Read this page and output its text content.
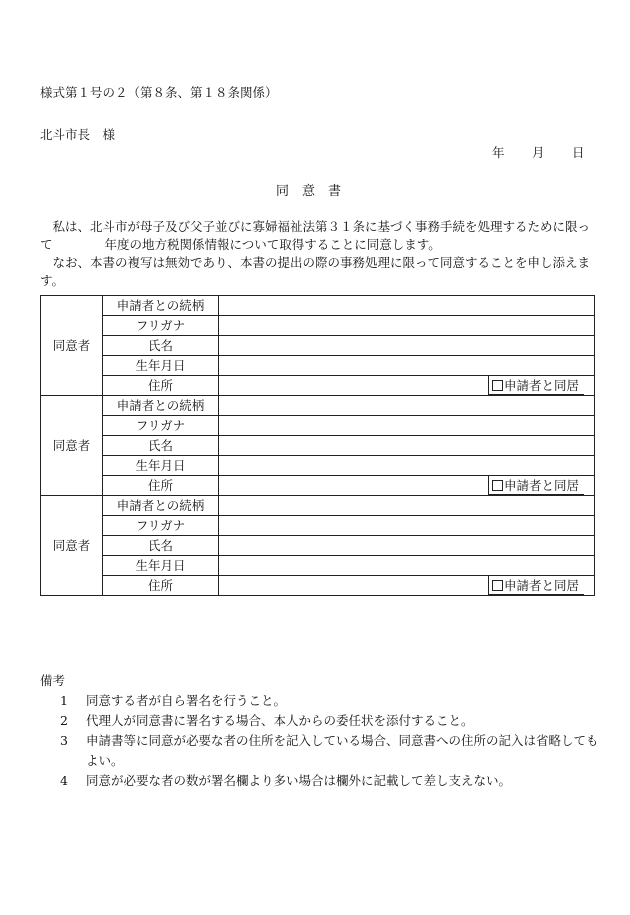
様式第１号の２（第８条、第１８条関係）
北斗市長　様
年 月 日
同意書

私は、北斗市が母子及び父子並びに寡婦福祉法第３１条に基づく事務手続を処理するために限って	年度の地方税関係情報について取得することに同意します。

なお、本書の複写は無効であり、本書の提出の際の事務処理に限って同意することを申し添えます。

同意者	申請者との続柄	
	フリガナ	
	氏名	
	生年月日	
	住所	申請者と同居

同意者	申請者との続柄	
	フリガナ	
	氏名	
	生年月日	
	住所	申請者と同居

同意者	申請者との続柄	
	フリガナ	
	氏名	
	生年月日	
	住所	申請者と同居
備考
1 同意する者が自ら署名を行うこと。
2 代理人が同意書に署名する場合、本人からの委任状を添付すること。
3 申請書等に同意が必要な者の住所を記入している場合、同意書への住所の記入は省略してもよい。
4 同意が必要な者の数が署名欄より多い場合は欄外に記載して差し支えない。
